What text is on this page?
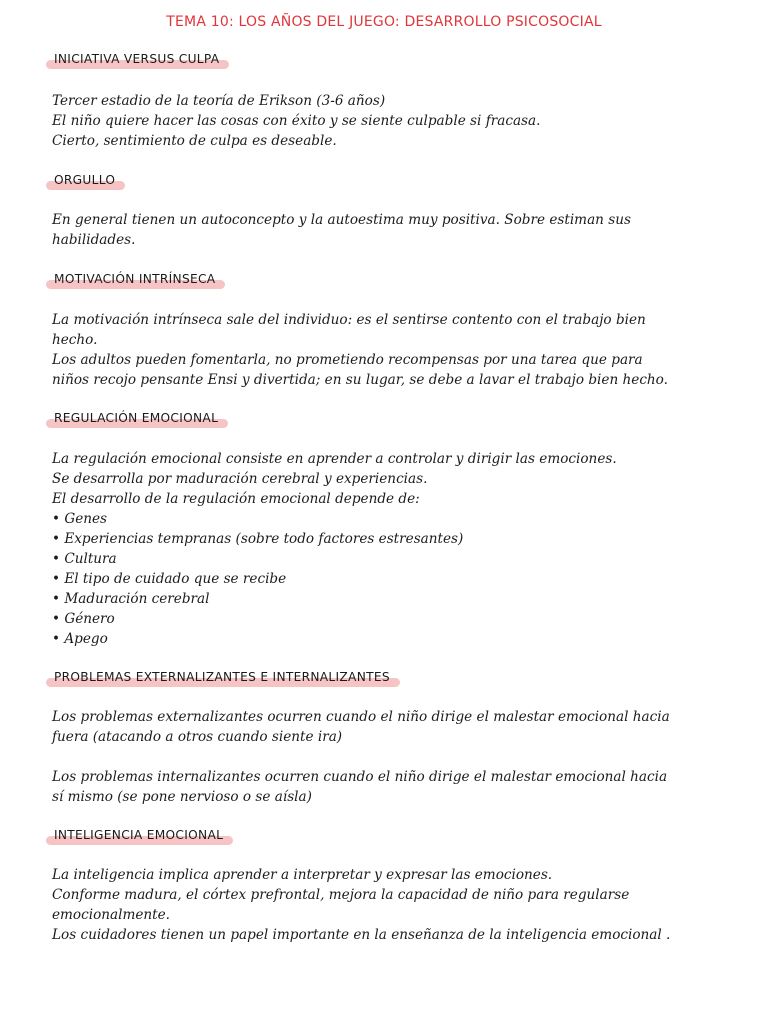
TEMA 10: LOS AÑOS DEL JUEGO: DESARROLLO PSICOSOCIAL
INICIATIVA VERSUS CULPA
Tercer estadio de la teoría de Erikson (3-6 años)
El niño quiere hacer las cosas con éxito y se siente culpable si fracasa.
Cierto, sentimiento de culpa es deseable.
ORGULLO
En general tienen un autoconcepto y la autoestima muy positiva. Sobre estiman sus
habilidades.
MOTIVACIÓN INTRÍNSECA
La motivación intrínseca sale del individuo: es el sentirse contento con el trabajo bien
hecho.
Los adultos pueden fomentarla, no prometiendo recompensas por una tarea que para
niños recojo pensante Ensi y divertida; en su lugar, se debe a lavar el trabajo bien hecho.
REGULACIÓN EMOCIONAL
La regulación emocional consiste en aprender a controlar y dirigir las emociones.
Se desarrolla por maduración cerebral y experiencias.
El desarrollo de la regulación emocional depende de:
• Genes
• Experiencias tempranas (sobre todo factores estresantes)
• Cultura
• El tipo de cuidado que se recibe
• Maduración cerebral
• Género
• Apego
PROBLEMAS EXTERNALIZANTES E INTERNALIZANTES
Los problemas externalizantes ocurren cuando el niño dirige el malestar emocional hacia
fuera (atacando a otros cuando siente ira)

Los problemas internalizantes ocurren cuando el niño dirige el malestar emocional hacia
sí mismo (se pone nervioso o se aísla)
INTELIGENCIA EMOCIONAL
La inteligencia implica aprender a interpretar y expresar las emociones.
Conforme madura, el córtex prefrontal, mejora la capacidad de niño para regularse
emocionalmente.
Los cuidadores tienen un papel importante en la enseñanza de la inteligencia emocional .
